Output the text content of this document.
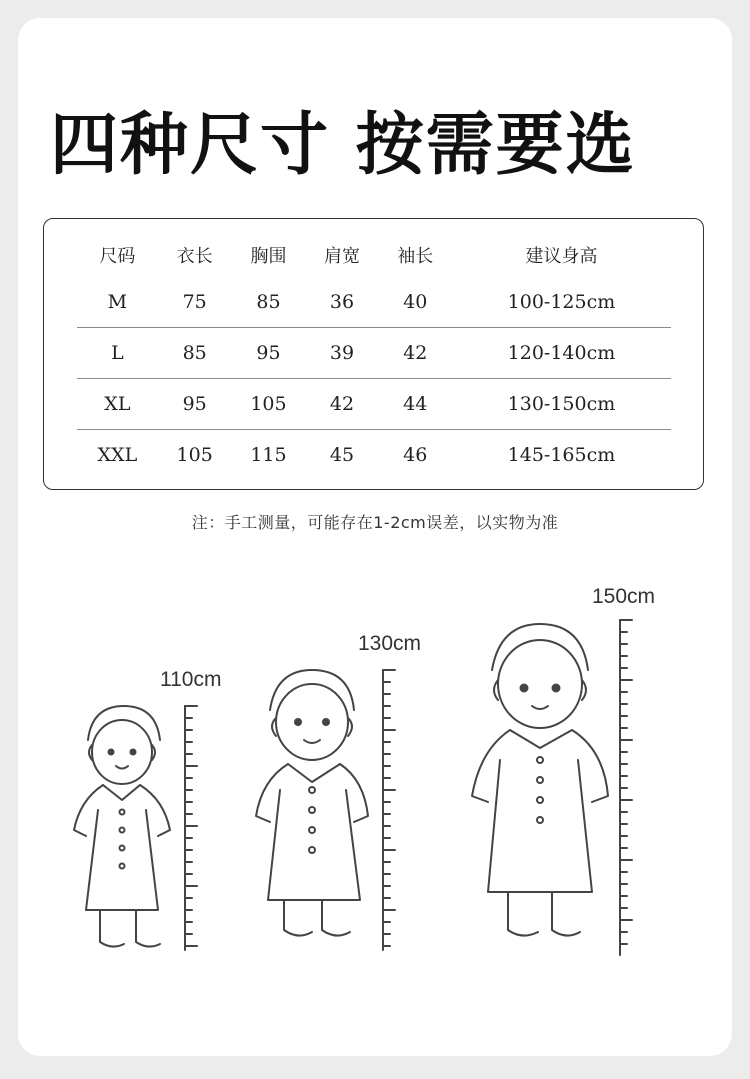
四种尺寸 按需要选
尺码	衣长	胸围	肩宽	袖长	建议身高
M	75	85	36	40	100-125cm
L	85	95	39	42	120-140cm
XL	95	105	42	44	130-150cm
XXL	105	115	45	46	145-165cm
注：手工测量，可能存在1-2cm误差，以实物为准
110cm
130cm
150cm
